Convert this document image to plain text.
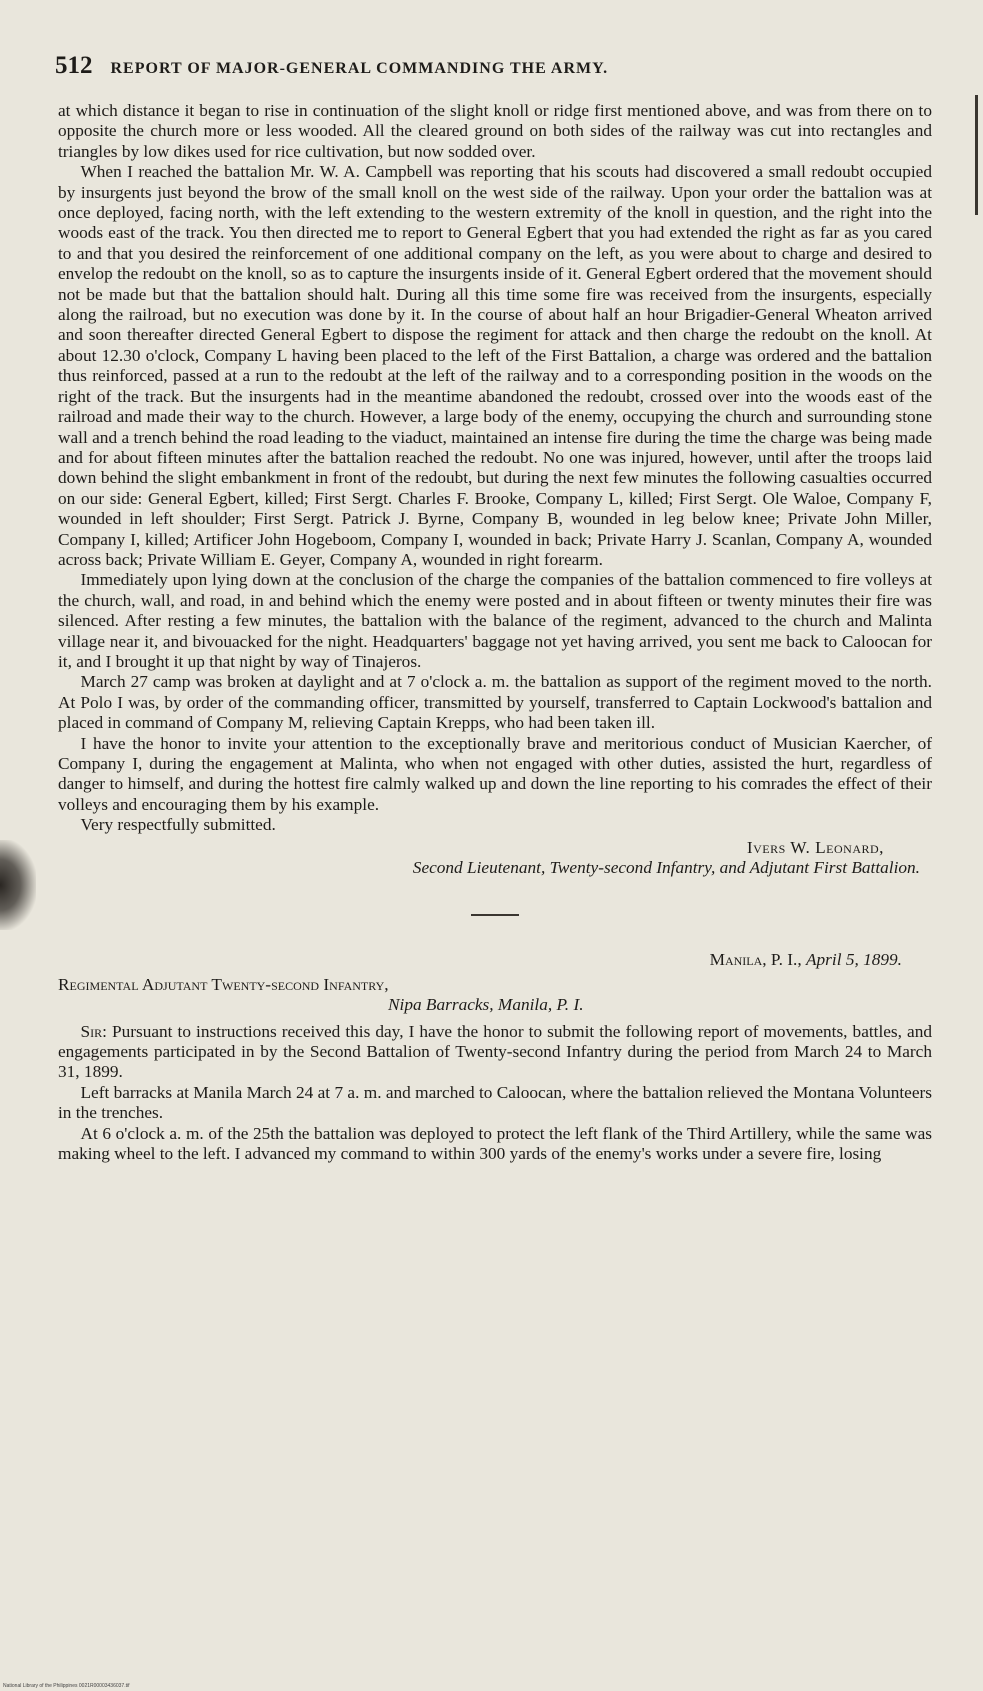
512 REPORT OF MAJOR-GENERAL COMMANDING THE ARMY.

at which distance it began to rise in continuation of the slight knoll or ridge first mentioned above, and was from there on to opposite the church more or less wooded. All the cleared ground on both sides of the railway was cut into rectangles and triangles by low dikes used for rice cultivation, but now sodded over.

When I reached the battalion Mr. W. A. Campbell was reporting that his scouts had discovered a small redoubt occupied by insurgents just beyond the brow of the small knoll on the west side of the railway. Upon your order the battalion was at once deployed, facing north, with the left extending to the western extremity of the knoll in question, and the right into the woods east of the track. You then directed me to report to General Egbert that you had extended the right as far as you cared to and that you desired the reinforcement of one additional company on the left, as you were about to charge and desired to envelop the redoubt on the knoll, so as to capture the insurgents inside of it. General Egbert ordered that the movement should not be made but that the battalion should halt. During all this time some fire was received from the insurgents, especially along the railroad, but no execution was done by it. In the course of about half an hour Brigadier-General Wheaton arrived and soon thereafter directed General Egbert to dispose the regiment for attack and then charge the redoubt on the knoll. At about 12.30 o'clock, Company L having been placed to the left of the First Battalion, a charge was ordered and the battalion thus reinforced, passed at a run to the redoubt at the left of the railway and to a corresponding position in the woods on the right of the track. But the insurgents had in the meantime abandoned the redoubt, crossed over into the woods east of the railroad and made their way to the church. However, a large body of the enemy, occupying the church and surrounding stone wall and a trench behind the road leading to the viaduct, maintained an intense fire during the time the charge was being made and for about fifteen minutes after the battalion reached the redoubt. No one was injured, however, until after the troops laid down behind the slight embankment in front of the redoubt, but during the next few minutes the following casualties occurred on our side: General Egbert, killed; First Sergt. Charles F. Brooke, Company L, killed; First Sergt. Ole Waloe, Company F, wounded in left shoulder; First Sergt. Patrick J. Byrne, Company B, wounded in leg below knee; Private John Miller, Company I, killed; Artificer John Hogeboom, Company I, wounded in back; Private Harry J. Scanlan, Company A, wounded across back; Private William E. Geyer, Company A, wounded in right forearm.

Immediately upon lying down at the conclusion of the charge the companies of the battalion commenced to fire volleys at the church, wall, and road, in and behind which the enemy were posted and in about fifteen or twenty minutes their fire was silenced. After resting a few minutes, the battalion with the balance of the regiment, advanced to the church and Malinta village near it, and bivouacked for the night. Headquarters' baggage not yet having arrived, you sent me back to Caloocan for it, and I brought it up that night by way of Tinajeros.

March 27 camp was broken at daylight and at 7 o'clock a. m. the battalion as support of the regiment moved to the north. At Polo I was, by order of the commanding officer, transmitted by yourself, transferred to Captain Lockwood's battalion and placed in command of Company M, relieving Captain Krepps, who had been taken ill.

I have the honor to invite your attention to the exceptionally brave and meritorious conduct of Musician Kaercher, of Company I, during the engagement at Malinta, who when not engaged with other duties, assisted the hurt, regardless of danger to himself, and during the hottest fire calmly walked up and down the line reporting to his comrades the effect of their volleys and encouraging them by his example.

Very respectfully submitted.

Ivers W. Leonard,
Second Lieutenant, Twenty-second Infantry, and Adjutant First Battalion.
Manila, P. I., April 5, 1899.
Regimental Adjutant Twenty-second Infantry,
Nipa Barracks, Manila, P. I.

Sir: Pursuant to instructions received this day, I have the honor to submit the following report of movements, battles, and engagements participated in by the Second Battalion of Twenty-second Infantry during the period from March 24 to March 31, 1899.

Left barracks at Manila March 24 at 7 a. m. and marched to Caloocan, where the battalion relieved the Montana Volunteers in the trenches.

At 6 o'clock a. m. of the 25th the battalion was deployed to protect the left flank of the Third Artillery, while the same was making wheel to the left. I advanced my command to within 300 yards of the enemy's works under a severe fire, losing

National Library of the Philippines 0021R00003436037.tif
